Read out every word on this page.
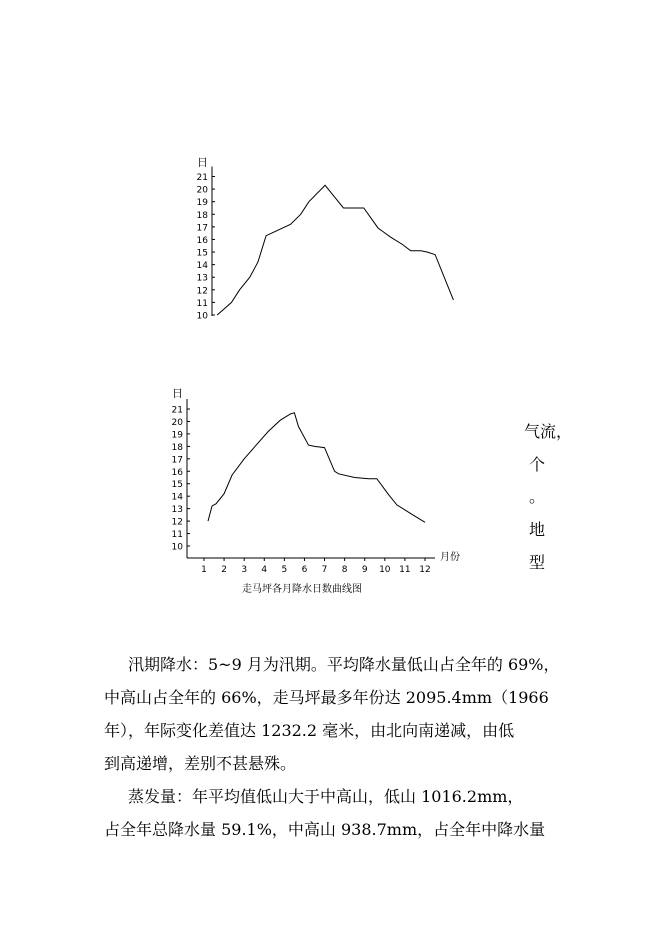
日
10
11
12
13
14
15
16
17
18
19
20
21
日
10
11
12
13
14
15
16
17
18
19
20
21
1 2 3 4 5 6 7 8 9 10 11 12
月份
走马坪各月降水日数曲线图
气流，
个
。
地
型
汛期降水：5~9 月为汛期。平均降水量低山占全年的 69%，
中高山占全年的 66%，走马坪最多年份达 2095.4mm（1966
年），年际变化差值达 1232.2 毫米，由北向南递减，由低
到高递增，差别不甚悬殊。
蒸发量：年平均值低山大于中高山，低山 1016.2mm，
占全年总降水量 59.1%，中高山 938.7mm，占全年中降水量
